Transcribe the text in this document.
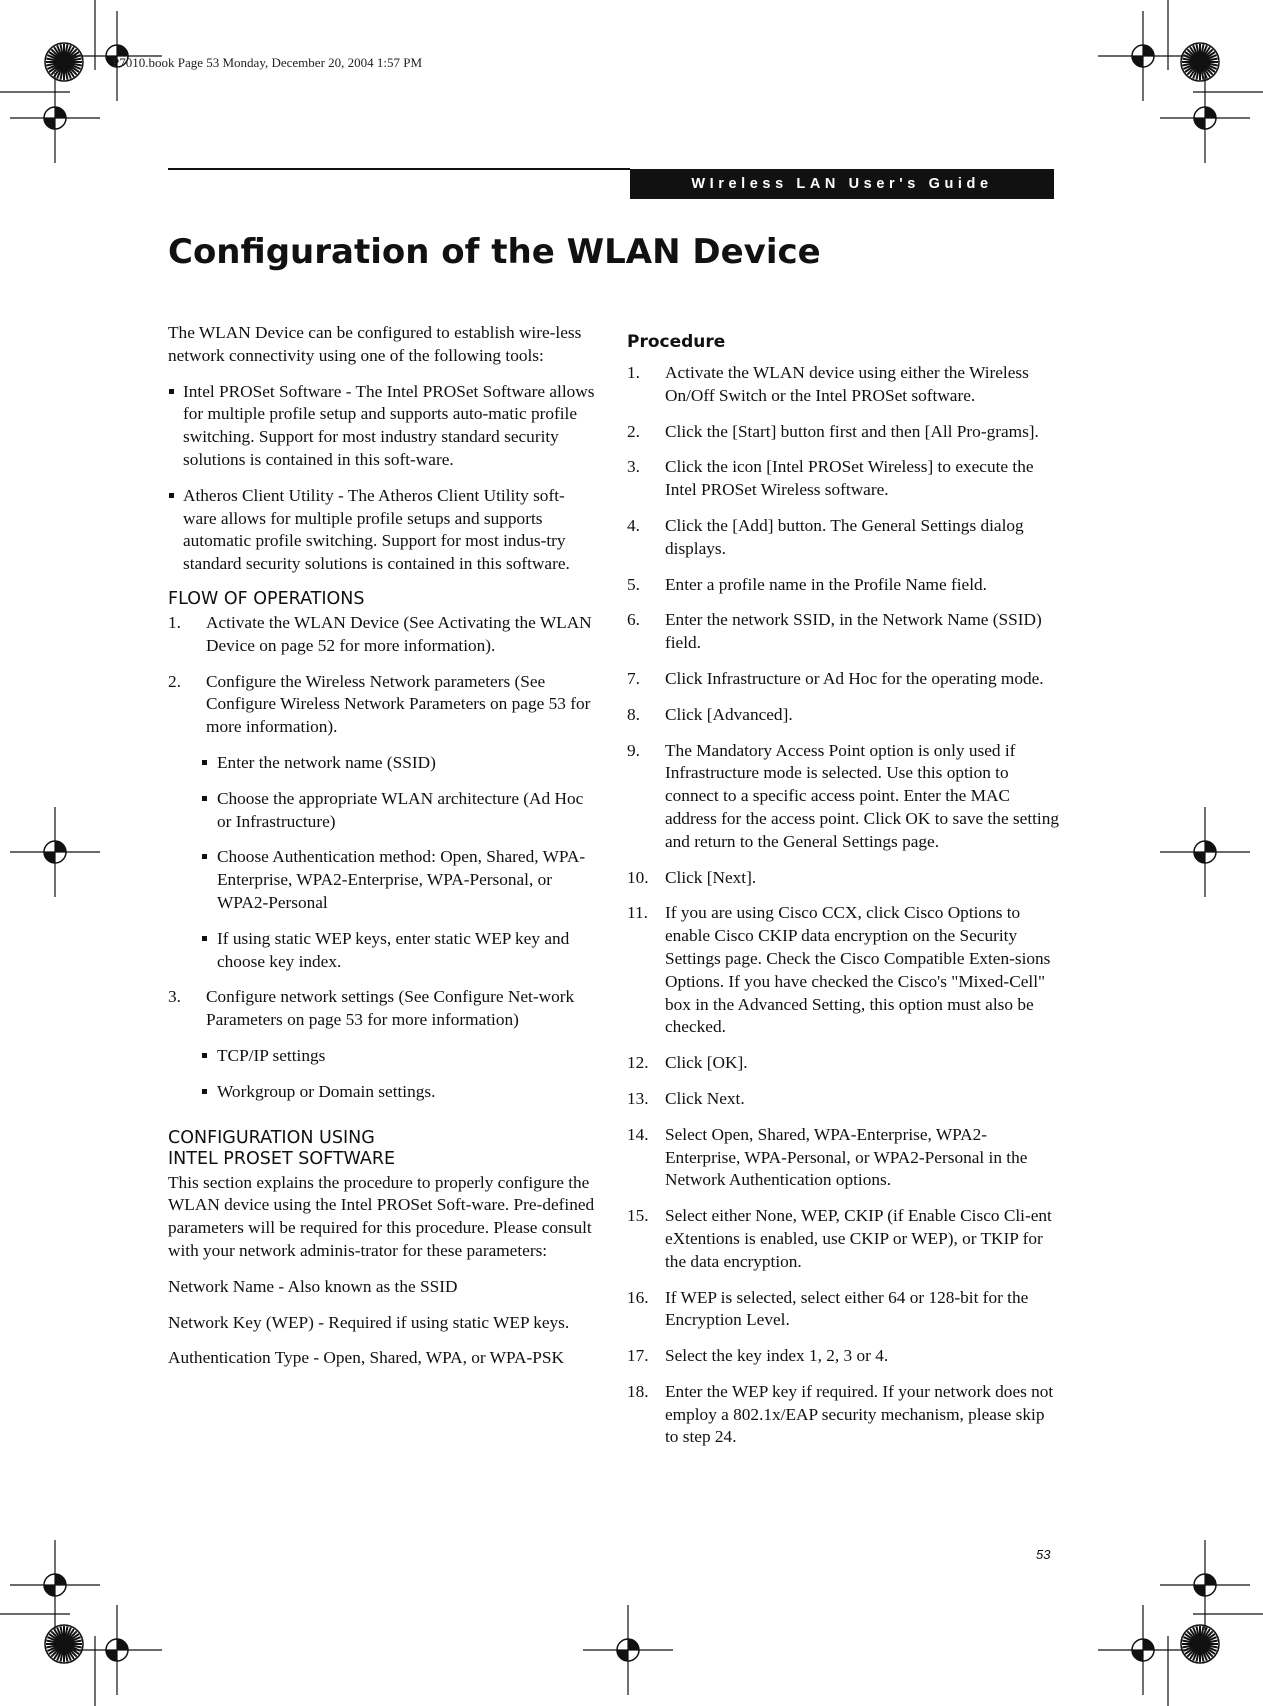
P7010.book Page 53 Monday, December 20, 2004 1:57 PM
WIreless LAN User's Guide
Configuration of the WLAN Device

The WLAN Device can be configured to establish wire-less network connectivity using one of the following tools:

Intel PROSet Software - The Intel PROSet Software allows for multiple profile setup and supports auto-matic profile switching. Support for most industry standard security solutions is contained in this soft-ware.
Atheros Client Utility - The Atheros Client Utility soft-ware allows for multiple profile setups and supports automatic profile switching. Support for most indus-try standard security solutions is contained in this software.

FLOW OF OPERATIONS

1. Activate the WLAN Device (See Activating the WLAN Device on page 52 for more information).
2. Configure the Wireless Network parameters (See Configure Wireless Network Parameters on page 53 for more information).
Enter the network name (SSID)
Choose the appropriate WLAN architecture (Ad Hoc or Infrastructure)
Choose Authentication method: Open, Shared, WPA-Enterprise, WPA2-Enterprise, WPA-Personal, or WPA2-Personal
If using static WEP keys, enter static WEP key and choose key index.
3. Configure network settings (See Configure Net-work Parameters on page 53 for more information)
TCP/IP settings
Workgroup or Domain settings.

CONFIGURATION USING
INTEL PROSET SOFTWARE

This section explains the procedure to properly configure the WLAN device using the Intel PROSet Soft-ware. Pre-defined parameters will be required for this procedure. Please consult with your network adminis-trator for these parameters:

Network Name - Also known as the SSID

Network Key (WEP) - Required if using static WEP keys.

Authentication Type - Open, Shared, WPA, or WPA-PSK

Procedure

1. Activate the WLAN device using either the Wireless On/Off Switch or the Intel PROSet software.
2. Click the [Start] button first and then [All Pro-grams].
3. Click the icon [Intel PROSet Wireless] to execute the Intel PROSet Wireless software.
4. Click the [Add] button. The General Settings dialog displays.
5. Enter a profile name in the Profile Name field.
6. Enter the network SSID, in the Network Name (SSID) field.
7. Click Infrastructure or Ad Hoc for the operating mode.
8. Click [Advanced].
9. The Mandatory Access Point option is only used if Infrastructure mode is selected. Use this option to connect to a specific access point. Enter the MAC address for the access point. Click OK to save the setting and return to the General Settings page.
10. Click [Next].
11. If you are using Cisco CCX, click Cisco Options to enable Cisco CKIP data encryption on the Security Settings page. Check the Cisco Compatible Exten-sions Options. If you have checked the Cisco's "Mixed-Cell" box in the Advanced Setting, this option must also be checked.
12. Click [OK].
13. Click Next.
14. Select Open, Shared, WPA-Enterprise, WPA2-Enterprise, WPA-Personal, or WPA2-Personal in the Network Authentication options.
15. Select either None, WEP, CKIP (if Enable Cisco Cli-ent eXtentions is enabled, use CKIP or WEP), or TKIP for the data encryption.
16. If WEP is selected, select either 64 or 128-bit for the Encryption Level.
17. Select the key index 1, 2, 3 or 4.
18. Enter the WEP key if required. If your network does not employ a 802.1x/EAP security mechanism, please skip to step 24.
53
